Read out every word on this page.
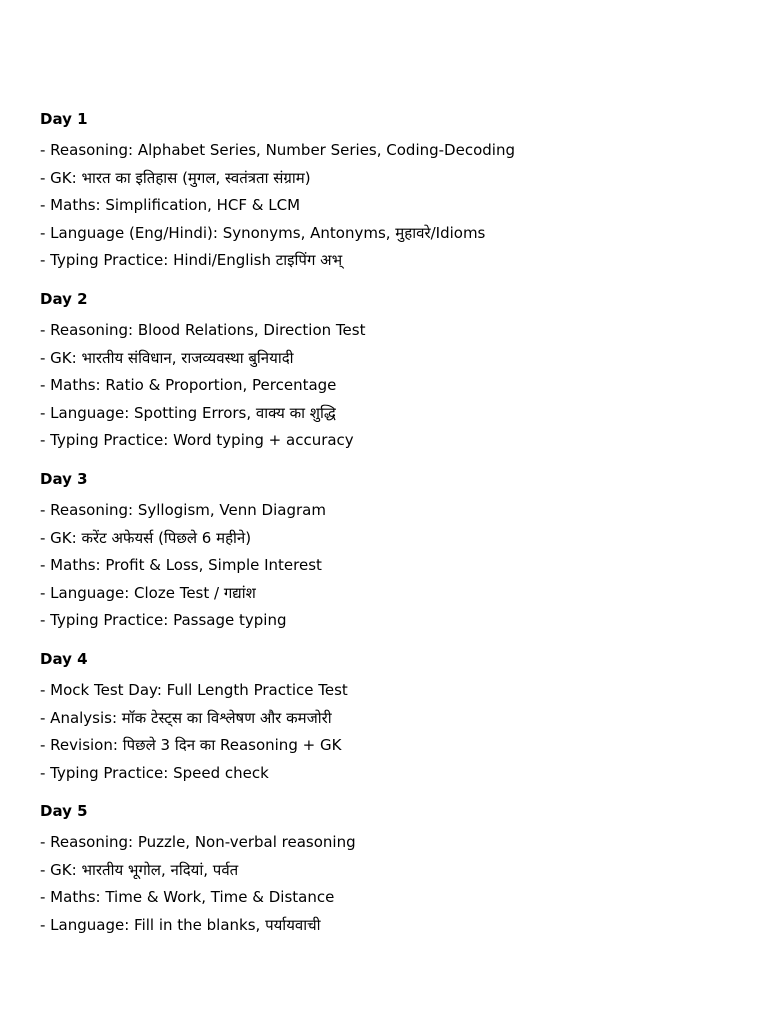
Day 1
- Reasoning: Alphabet Series, Number Series, Coding-Decoding
- GK: भारत का इतिहास (मुगल, स्वतंत्रता संग्राम)
- Maths: Simplification, HCF & LCM
- Language (Eng/Hindi): Synonyms, Antonyms, मुहावरे/Idioms
- Typing Practice: Hindi/English टाइपिंग अभ्
Day 2
- Reasoning: Blood Relations, Direction Test
- GK: भारतीय संविधान, राजव्यवस्था बुनियादी
- Maths: Ratio & Proportion, Percentage
- Language: Spotting Errors, वाक्य का शुद्धि
- Typing Practice: Word typing + accuracy
Day 3
- Reasoning: Syllogism, Venn Diagram
- GK: करेंट अफेयर्स (पिछले 6 महीने)
- Maths: Profit & Loss, Simple Interest
- Language: Cloze Test / गद्यांश
- Typing Practice: Passage typing
Day 4
- Mock Test Day: Full Length Practice Test
- Analysis: मॉक टेस्ट्स का विश्लेषण और कमजोरी
- Revision: पिछले 3 दिन का Reasoning + GK
- Typing Practice: Speed check
Day 5
- Reasoning: Puzzle, Non-verbal reasoning
- GK: भारतीय भूगोल, नदियां, पर्वत
- Maths: Time & Work, Time & Distance
- Language: Fill in the blanks, पर्यायवाची
